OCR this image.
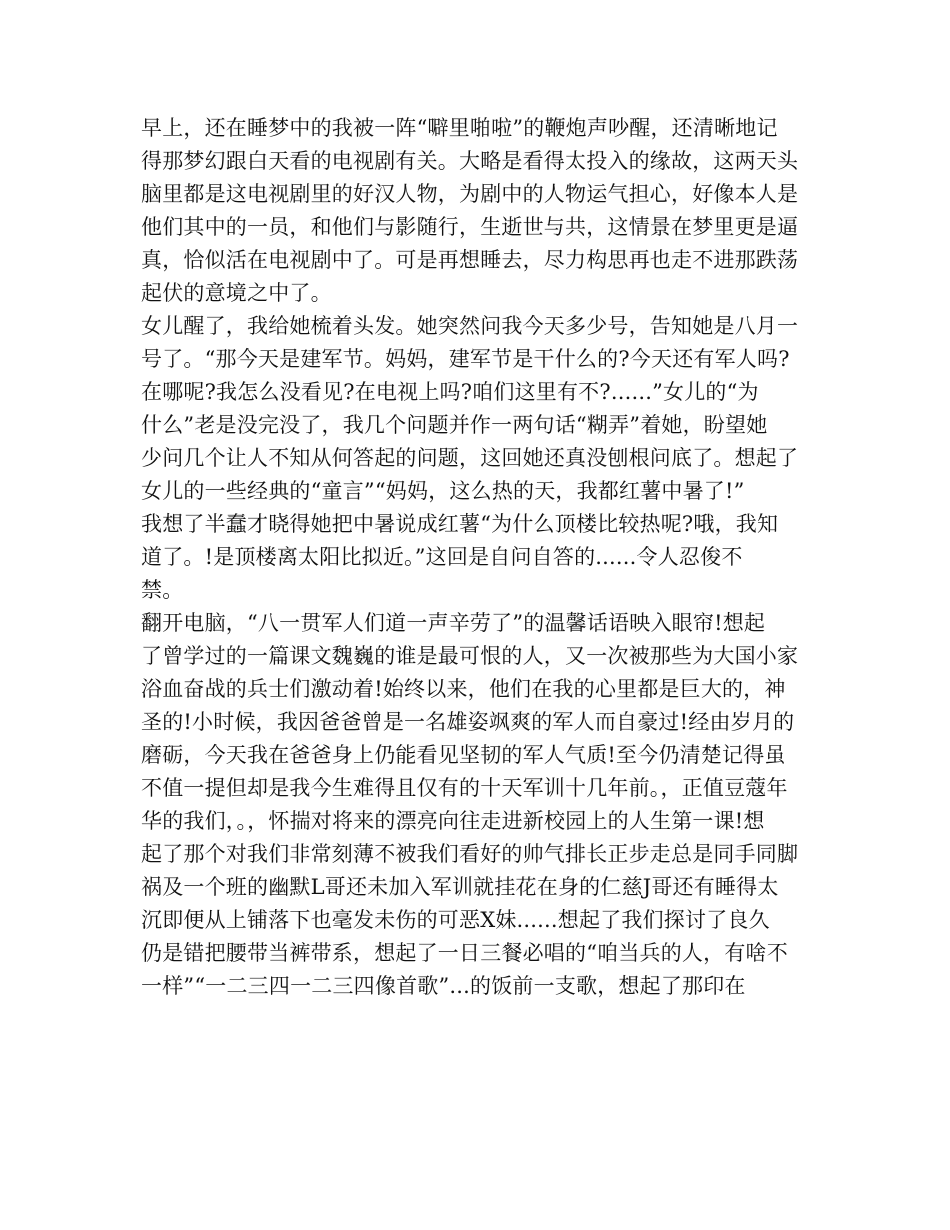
早上，还在睡梦中的我被一阵“噼里啪啦”的鞭炮声吵醒，还清晰地记
得那梦幻跟白天看的电视剧有关。大略是看得太投入的缘故，这两天头
脑里都是这电视剧里的好汉人物，为剧中的人物运气担心，好像本人是
他们其中的一员，和他们与影随行，生逝世与共，这情景在梦里更是逼
真，恰似活在电视剧中了。可是再想睡去，尽力构思再也走不进那跌荡
起伏的意境之中了。
女儿醒了，我给她梳着头发。她突然问我今天多少号，告知她是八月一
号了。“那今天是建军节。妈妈，建军节是干什么的?今天还有军人吗?
在哪呢?我怎么没看见?在电视上吗?咱们这里有不?......”女儿的“为
什么”老是没完没了，我几个问题并作一两句话“糊弄”着她，盼望她
少问几个让人不知从何答起的问题，这回她还真没刨根问底了。想起了
女儿的一些经典的“童言”“妈妈，这么热的天，我都红薯中暑了!”
我想了半蠢才晓得她把中暑说成红薯“为什么顶楼比较热呢?哦，我知
道了。!是顶楼离太阳比拟近。”这回是自问自答的......令人忍俊不
禁。
翻开电脑，“八一贯军人们道一声辛劳了”的温馨话语映入眼帘!想起
了曾学过的一篇课文魏巍的谁是最可恨的人，又一次被那些为大国小家
浴血奋战的兵士们激动着!始终以来，他们在我的心里都是巨大的，神
圣的!小时候，我因爸爸曾是一名雄姿飒爽的军人而自豪过!经由岁月的
磨砺，今天我在爸爸身上仍能看见坚韧的军人气质!至今仍清楚记得虽
不值一提但却是我今生难得且仅有的十天军训十几年前。，正值豆蔻年
华的我们，。，怀揣对将来的漂亮向往走进新校园上的人生第一课!想
起了那个对我们非常刻薄不被我们看好的帅气排长正步走总是同手同脚
祸及一个班的幽默L哥还未加入军训就挂花在身的仁慈J哥还有睡得太
沉即便从上铺落下也毫发未伤的可恶X妹......想起了我们探讨了良久
仍是错把腰带当裤带系，想起了一日三餐必唱的“咱当兵的人，有啥不
一样”“一二三四一二三四像首歌”...的饭前一支歌，想起了那印在
